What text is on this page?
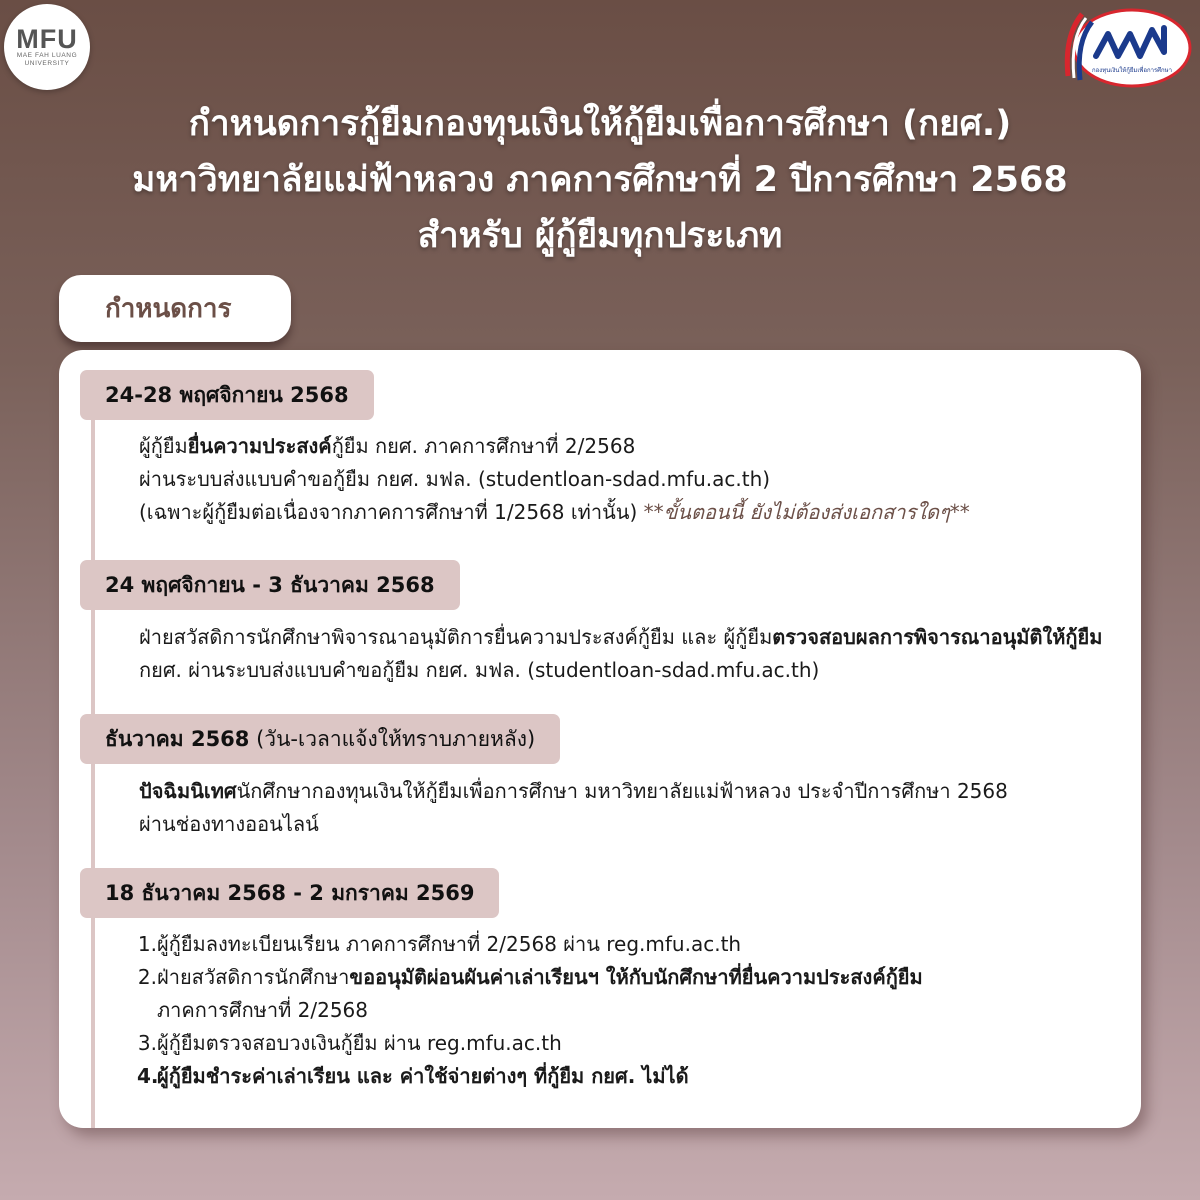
MFU
MAE FAH LUANG
UNIVERSITY
กองทุนเงินให้กู้ยืมเพื่อการศึกษา
กำหนดการกู้ยืมกองทุนเงินให้กู้ยืมเพื่อการศึกษา (กยศ.)
มหาวิทยาลัยแม่ฟ้าหลวง ภาคการศึกษาที่ 2 ปีการศึกษา 2568
สำหรับ ผู้กู้ยืมทุกประเภท
กำหนดการ
24-28 พฤศจิกายน 2568
ผู้กู้ยืมยื่นความประสงค์กู้ยืม กยศ. ภาคการศึกษาที่ 2/2568
ผ่านระบบส่งแบบคำขอกู้ยืม กยศ. มฟล. (studentloan-sdad.mfu.ac.th)
(เฉพาะผู้กู้ยืมต่อเนื่องจากภาคการศึกษาที่ 1/2568 เท่านั้น) **ขั้นตอนนี้ ยังไม่ต้องส่งเอกสารใดๆ**
24 พฤศจิกายน - 3 ธันวาคม 2568
ฝ่ายสวัสดิการนักศึกษาพิจารณาอนุมัติการยื่นความประสงค์กู้ยืม และ ผู้กู้ยืมตรวจสอบผลการพิจารณาอนุมัติให้กู้ยืม กยศ. ผ่านระบบส่งแบบคำขอกู้ยืม กยศ. มฟล. (studentloan-sdad.mfu.ac.th)
ธันวาคม 2568
(วัน-เวลาแจ้งให้ทราบภายหลัง)
ปัจฉิมนิเทศนักศึกษากองทุนเงินให้กู้ยืมเพื่อการศึกษา มหาวิทยาลัยแม่ฟ้าหลวง ประจำปีการศึกษา 2568
ผ่านช่องทางออนไลน์
18 ธันวาคม 2568 - 2 มกราคม 2569
1. ผู้กู้ยืมลงทะเบียนเรียน ภาคการศึกษาที่ 2/2568 ผ่าน reg.mfu.ac.th
2. ฝ่ายสวัสดิการนักศึกษาขออนุมัติผ่อนผันค่าเล่าเรียนฯ ให้กับนักศึกษาที่ยื่นความประสงค์กู้ยืม
ภาคการศึกษาที่ 2/2568
3. ผู้กู้ยืมตรวจสอบวงเงินกู้ยืม ผ่าน reg.mfu.ac.th
4.
ผู้กู้ยืมชำระค่าเล่าเรียน และ ค่าใช้จ่ายต่างๆ ที่กู้ยืม กยศ. ไม่ได้
